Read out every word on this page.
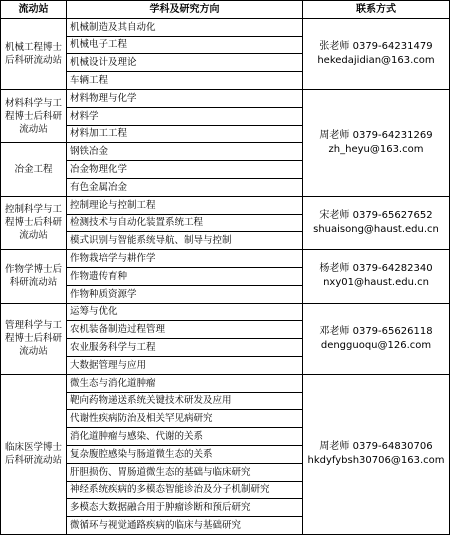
流动站	学科及研究方向	联系方式
机械工程博士后科研流动站	机械制造及其自动化	张老师 0379-64231479
hekedajidian@163.com

	机械电子工程	
	机械设计及理论	
	车辆工程	
材料科学与工程博士后科研流动站	材料物理与化学	周老师 0379-64231269
zh_heyu@163.com

	材料学	
	材料加工工程	
冶金工程	钢铁冶金	
	冶金物理化学	
	有色金属冶金	
控制科学与工程博士后科研流动站	控制理论与控制工程	宋老师 0379-65627652
shuaisong@haust.edu.cn

	检测技术与自动化装置系统工程	
	模式识别与智能系统导航、制导与控制	
作物学博士后科研流动站	作物栽培学与耕作学	杨老师 0379-64282340
nxy01@haust.edu.cn

	作物遗传育种	
	作物种质资源学	
管理科学与工程博士后科研流动站	运筹与优化	邓老师 0379-65626118
dengguoqu@126.com

	农机装备制造过程管理	
	农业服务科学与工程	
	大数据管理与应用	
临床医学博士后科研流动站	微生态与消化道肿瘤	周老师 0379-64830706
hkdyfybsh30706@163.com

	靶向药物递送系统关键技术研发及应用	
	代谢性疾病防治及相关罕见病研究	
	消化道肿瘤与感染、代谢的关系	
	复杂腹腔感染与肠道微生态的关系	
	肝胆损伤、胃肠道微生态的基础与临床研究	
	神经系统疾病的多模态智能诊治及分子机制研究	
	多模态大数据融合用于肿瘤诊断和预后研究	
	微循环与视觉通路疾病的临床与基础研究	
